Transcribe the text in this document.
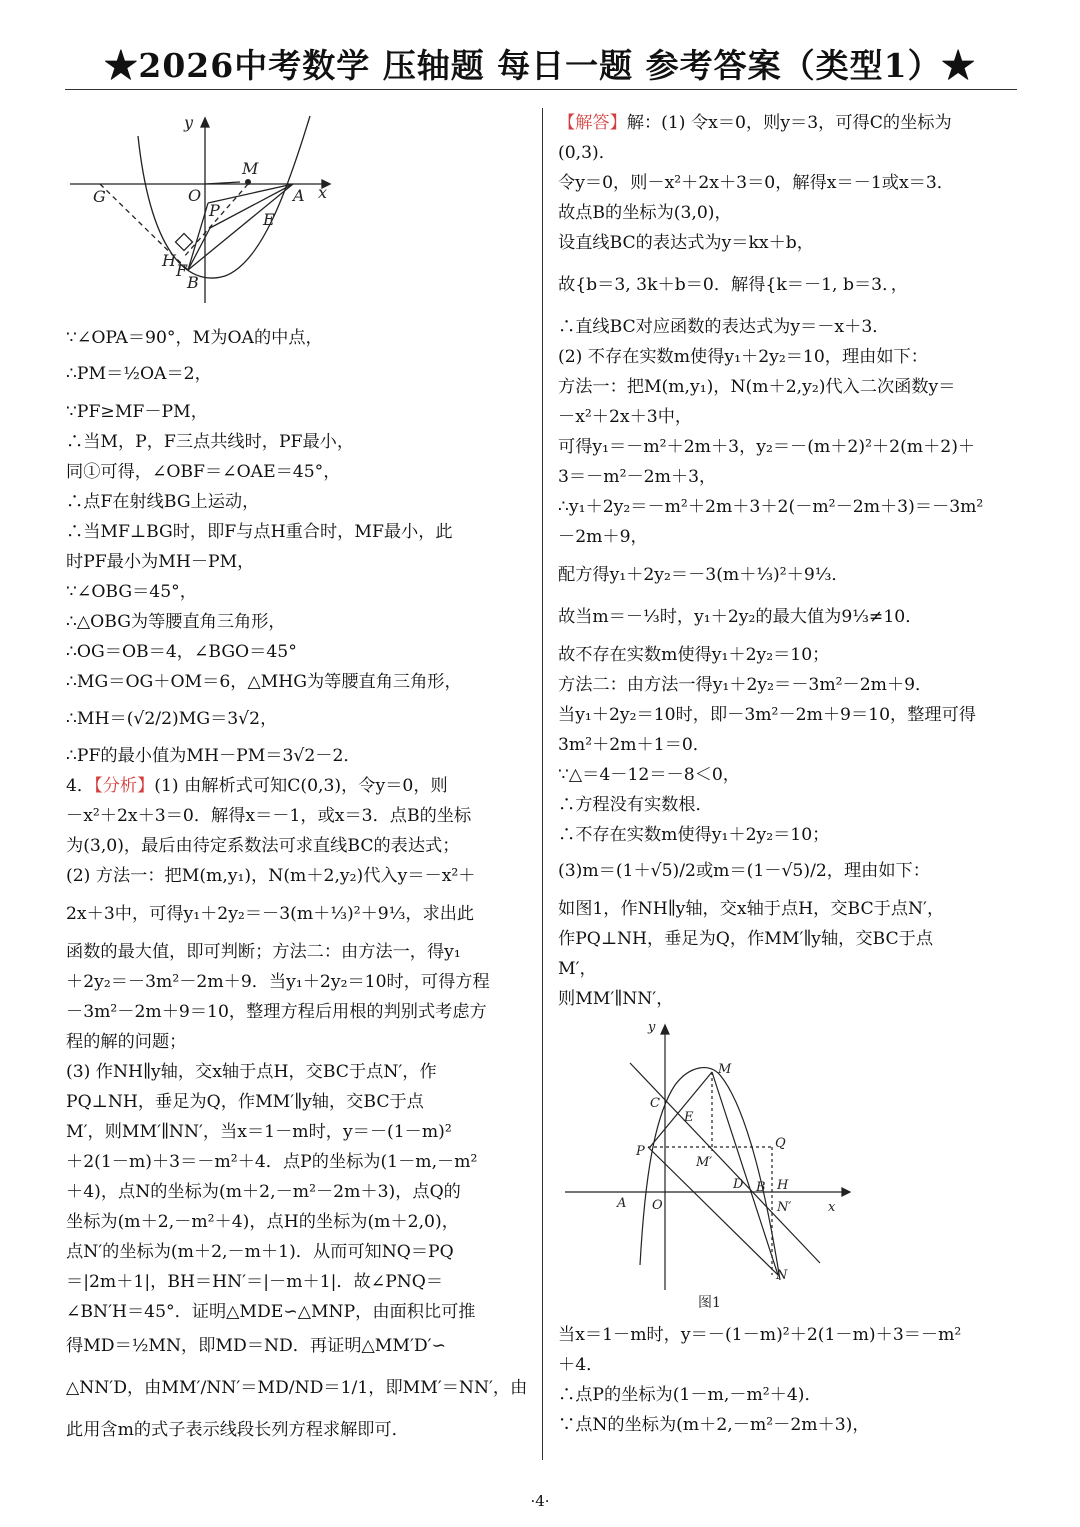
★2026中考数学 压轴题 每日一题 参考答案（类型1）★
y
x
M
G	O	A
P	E
H
F
B
∵∠OPA＝90°，M为OA的中点，
∴PM＝½OA＝2，
∵PF≥MF－PM，
∴当M，P，F三点共线时，PF最小，
同①可得，∠OBF＝∠OAE＝45°，
∴点F在射线BG上运动，
∴当MF⊥BG时，即F与点H重合时，MF最小，此
时PF最小为MH－PM，
∵∠OBG＝45°，
∴△OBG为等腰直角三角形，
∴OG＝OB＝4，∠BGO＝45°
∴MG＝OG＋OM＝6，△MHG为等腰直角三角形，
∴MH＝(√2/2)MG＝3√2，
∴PF的最小值为MH－PM＝3√2－2．
4．【分析】(1) 由解析式可知C(0,3)，令y＝0，则
－x²＋2x＋3＝0．解得x＝－1，或x＝3．点B的坐标
为(3,0)，最后由待定系数法可求直线BC的表达式；
(2) 方法一：把M(m,y₁)，N(m＋2,y₂)代入y＝－x²＋
2x＋3中，可得y₁＋2y₂＝－3(m＋⅓)²＋9⅓，求出此
函数的最大值，即可判断；方法二：由方法一，得y₁
＋2y₂＝－3m²－2m＋9．当y₁＋2y₂＝10时，可得方程
－3m²－2m＋9＝10，整理方程后用根的判别式考虑方
程的解的问题；
(3) 作NH∥y轴，交x轴于点H，交BC于点N′，作
PQ⊥NH，垂足为Q，作MM′∥y轴，交BC于点
M′，则MM′∥NN′，当x＝1－m时，y＝－(1－m)²
＋2(1－m)＋3＝－m²＋4．点P的坐标为(1－m,－m²
＋4)，点N的坐标为(m＋2,－m²－2m＋3)，点Q的
坐标为(m＋2,－m²＋4)，点H的坐标为(m＋2,0)，
点N′的坐标为(m＋2,－m＋1)．从而可知NQ＝PQ
＝|2m＋1|，BH＝HN′＝|－m＋1|．故∠PNQ＝
∠BN′H＝45°．证明△MDE∽△MNP，由面积比可推
得MD＝½MN，即MD＝ND．再证明△MM′D′∽
△NN′D，由MM′/NN′＝MD/ND＝1/1，即MM′＝NN′，由
此用含m的式子表示线段长列方程求解即可．
【解答】解：(1) 令x＝0，则y＝3，可得C的坐标为
(0,3)．
令y＝0，则－x²＋2x＋3＝0，解得x＝－1或x＝3．
故点B的坐标为(3,0)，
设直线BC的表达式为y＝kx＋b，
故{b＝3, 3k＋b＝0．解得{k＝－1, b＝3．，
∴直线BC对应函数的表达式为y＝－x＋3．
(2) 不存在实数m使得y₁＋2y₂＝10，理由如下：
方法一：把M(m,y₁)，N(m＋2,y₂)代入二次函数y＝
－x²＋2x＋3中，
可得y₁＝－m²＋2m＋3，y₂＝－(m＋2)²＋2(m＋2)＋
3＝－m²－2m＋3，
∴y₁＋2y₂＝－m²＋2m＋3＋2(－m²－2m＋3)＝－3m²
－2m＋9，
配方得y₁＋2y₂＝－3(m＋⅓)²＋9⅓．
故当m＝－⅓时，y₁＋2y₂的最大值为9⅓≠10．
故不存在实数m使得y₁＋2y₂＝10；
方法二：由方法一得y₁＋2y₂＝－3m²－2m＋9．
当y₁＋2y₂＝10时，即－3m²－2m＋9＝10，整理可得
3m²＋2m＋1＝0．
∵△＝4－12＝－8＜0，
∴方程没有实数根．
∴不存在实数m使得y₁＋2y₂＝10；
(3)m＝(1＋√5)/2或m＝(1－√5)/2，理由如下：
如图1，作NH∥y轴，交x轴于点H，交BC于点N′，
作PQ⊥NH，垂足为Q，作MM′∥y轴，交BC于点
M′，
则MM′∥NN′，
当x＝1－m时，y＝－(1－m)²＋2(1－m)＋3＝－m²
＋4．
∴点P的坐标为(1－m,－m²＋4)．
∵点N的坐标为(m＋2,－m²－2m＋3)，
y
M
C
E
P
Q
M′
D B H
A O	N′	x
N
图1
·4·
